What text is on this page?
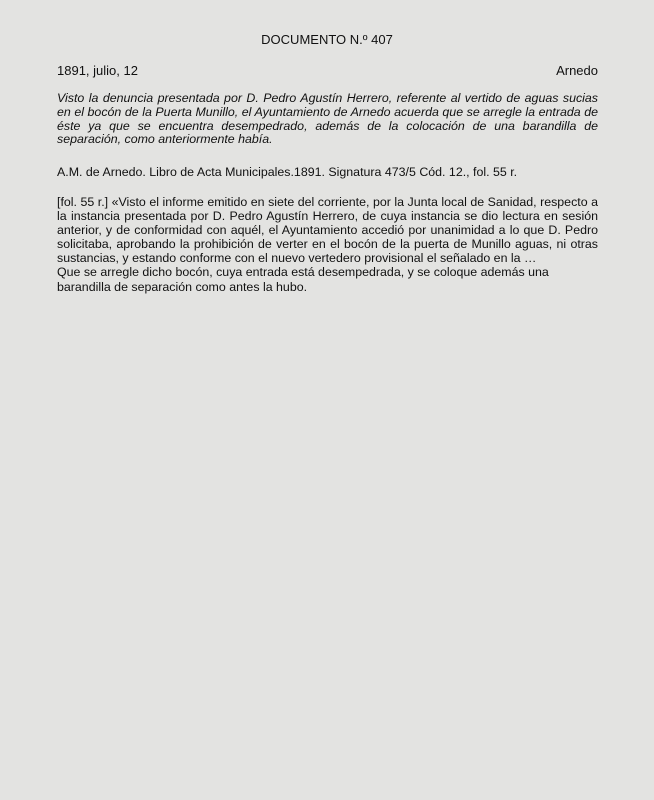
DOCUMENTO N.º 407
1891, julio, 12	Arnedo

Visto la denuncia presentada por D. Pedro Agustín Herrero, referente al vertido de aguas sucias en el bocón de la Puerta Munillo, el Ayuntamiento de Arnedo acuerda que se arregle la entrada de éste ya que se encuentra desempedrado, además de la colocación de una barandilla de separación, como anteriormente había.

A.M. de Arnedo. Libro de Acta Municipales.1891. Signatura 473/5 Cód. 12., fol. 55 r.

[fol. 55 r.] «Visto el informe emitido en siete del corriente, por la Junta local de Sanidad, respecto a la instancia presentada por D. Pedro Agustín Herrero, de cuya instancia se dio lectura en sesión anterior, y de conformidad con aquél, el Ayuntamiento accedió por unanimidad a lo que D. Pedro solicitaba, aprobando la prohibición de verter en el bocón de la puerta de Munillo aguas, ni otras sustancias, y estando conforme con el nuevo vertedero provisional el señalado en la …

Que se arregle dicho bocón, cuya entrada está desempedrada, y se coloque además una barandilla de separación como antes la hubo.
